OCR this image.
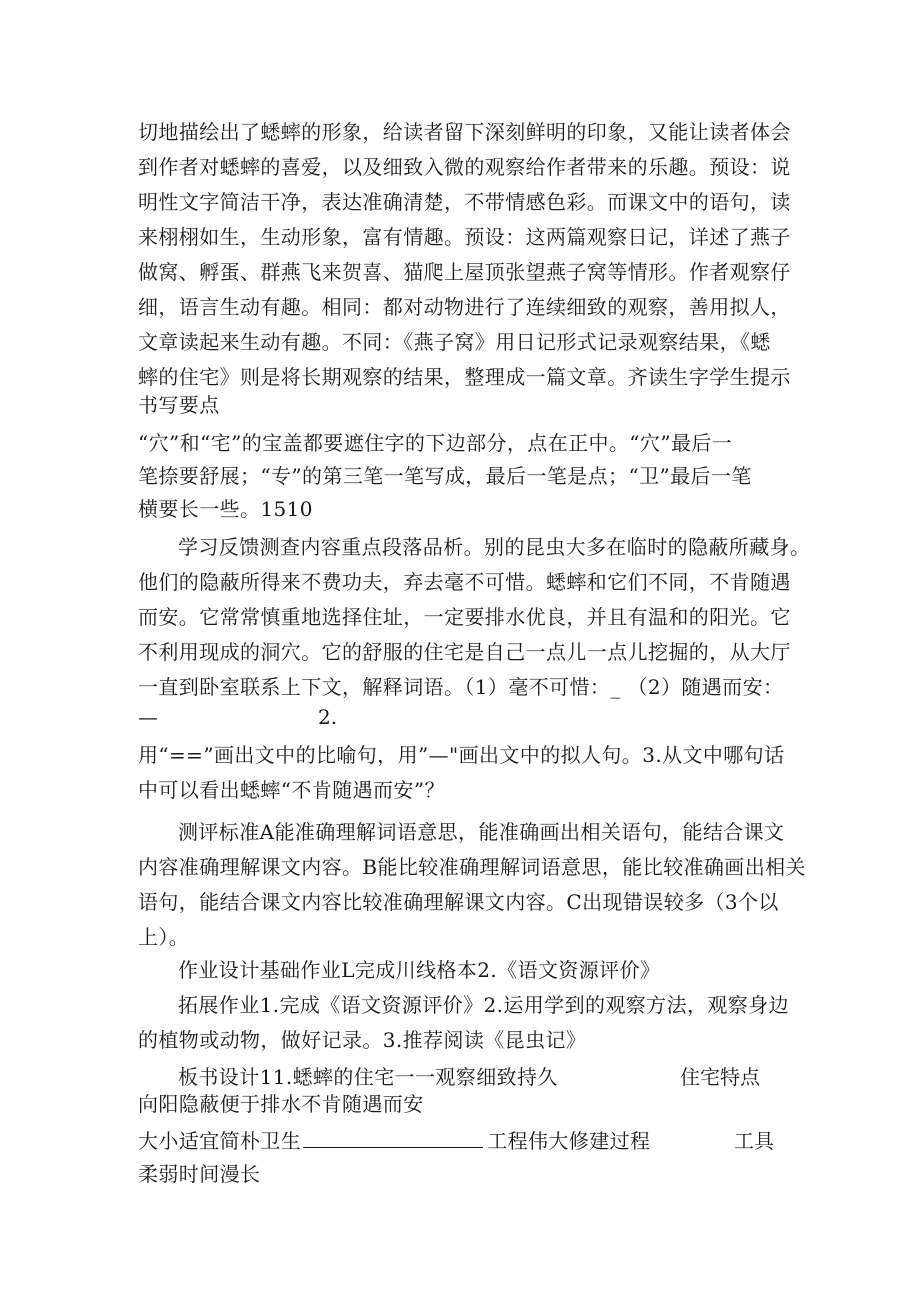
切地描绘出了蟋蟀的形象，给读者留下深刻鲜明的印象，又能让读者体会
到作者对蟋蟀的喜爱，以及细致入微的观察给作者带来的乐趣。预设：说
明性文字简洁干净，表达准确清楚，不带情感色彩。而课文中的语句，读
来栩栩如生，生动形象，富有情趣。预设：这两篇观察日记，详述了燕子
做窝、孵蛋、群燕飞来贺喜、猫爬上屋顶张望燕子窝等情形。作者观察仔
细，语言生动有趣。相同：都对动物进行了连续细致的观察，善用拟人，
文章读起来生动有趣。不同：《燕子窝》用日记形式记录观察结果，《蟋
蟀的住宅》则是将长期观察的结果，整理成一篇文章。齐读生字学生提示
书写要点
“穴”和“宅”的宝盖都要遮住字的下边部分，点在正中。“穴”最后一
笔捺要舒展；“专”的第三笔一笔写成，最后一笔是点；“卫”最后一笔
横要长一些。1510
学习反馈测查内容重点段落品析。别的昆虫大多在临时的隐蔽所藏身。
他们的隐蔽所得来不费功夫，弃去毫不可惜。蟋蟀和它们不同，不肯随遇
而安。它常常慎重地选择住址，一定要排水优良，并且有温和的阳光。它
不利用现成的洞穴。它的舒服的住宅是自己一点儿一点儿挖掘的，从大厅
一直到卧室联系上下文，解释词语。（1）毫不可惜：_ （2）随遇而安：
—	2.
用“==”画出文中的比喻句，用”—"画出文中的拟人句。3.从文中哪句话
中可以看出蟋蟀“不肯随遇而安”？
测评标准A能准确理解词语意思，能准确画出相关语句，能结合课文
内容准确理解课文内容。B能比较准确理解词语意思，能比较准确画出相关
语句，能结合课文内容比较准确理解课文内容。C出现错误较多（3个以
上）。
作业设计基础作业L完成川线格本2.《语文资源评价》
拓展作业1.完成《语文资源评价》2.运用学到的观察方法，观察身边
的植物或动物，做好记录。3.推荐阅读《昆虫记》
板书设计11.蟋蟀的住宅一一观察细致持久	住宅特点
向阳隐蔽便于排水不肯随遇而安
大小适宜简朴卫生	工程伟大修建过程	工具
柔弱时间漫长
